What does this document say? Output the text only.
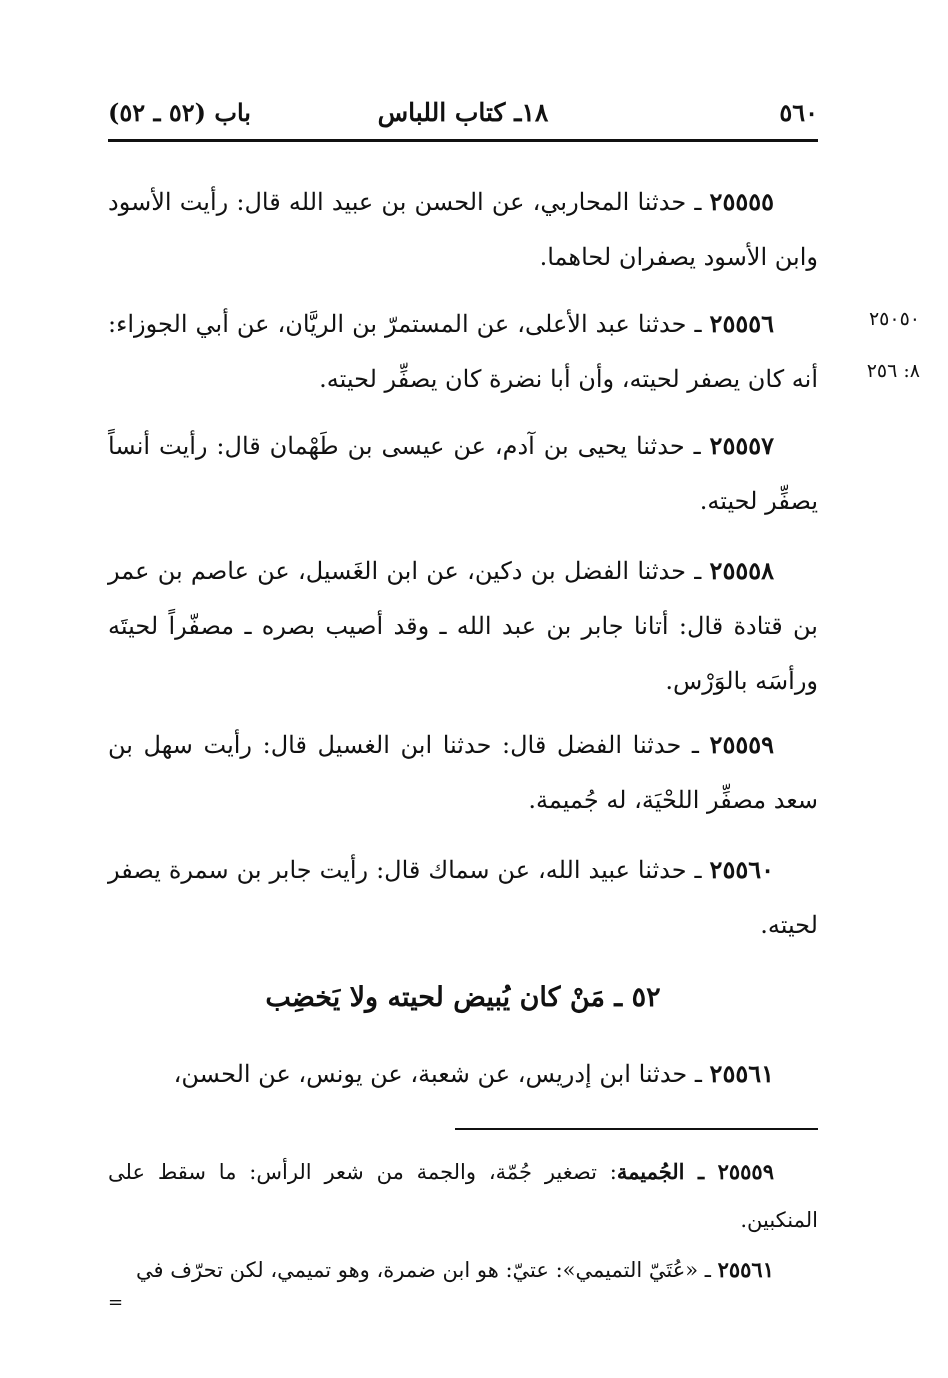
٥٦٠
١٨ـ كتاب اللباس
باب (٥٢ ـ ٥٢)
٢٥٥٥٥ ـ حدثنا المحاربي، عن الحسن بن عبيد الله قال: رأيت الأسود وابن الأسود يصفران لحاهما.
٢٥٠٥٠
٨: ٢٥٦
٢٥٥٥٦ ـ حدثنا عبد الأعلى، عن المستمرّ بن الريَّان، عن أبي الجوزاء: أنه كان يصفر لحيته، وأن أبا نضرة كان يصفِّر لحيته.
٢٥٥٥٧ ـ حدثنا يحيى بن آدم، عن عيسى بن طَهْمان قال: رأيت أنساً يصفِّر لحيته.
٢٥٥٥٨ ـ حدثنا الفضل بن دكين، عن ابن الغَسيل، عن عاصم بن عمر بن قتادة قال: أتانا جابر بن عبد الله ـ وقد أصيب بصره ـ مصفّراً لحيتَه ورأسَه بالوَرْس.
٢٥٥٥٩ ـ حدثنا الفضل قال: حدثنا ابن الغسيل قال: رأيت سهل بن سعد مصفِّر اللحْيَة، له جُميمة.
٢٥٥٦٠ ـ حدثنا عبيد الله، عن سماك قال: رأيت جابر بن سمرة يصفر لحيته.
٥٢ ـ مَنْ كان يُبيض لحيته ولا يَخضِب
٢٥٥٦١ ـ حدثنا ابن إدريس، عن شعبة، عن يونس، عن الحسن،
٢٥٥٥٩ ـ الجُميمة: تصغير جُمّة، والجمة من شعر الرأس: ما سقط على المنكبين.
٢٥٥٦١ ـ «عُتَيّ التميمي»: عتيّ: هو ابن ضمرة، وهو تميمي، لكن تحرّف في
=
